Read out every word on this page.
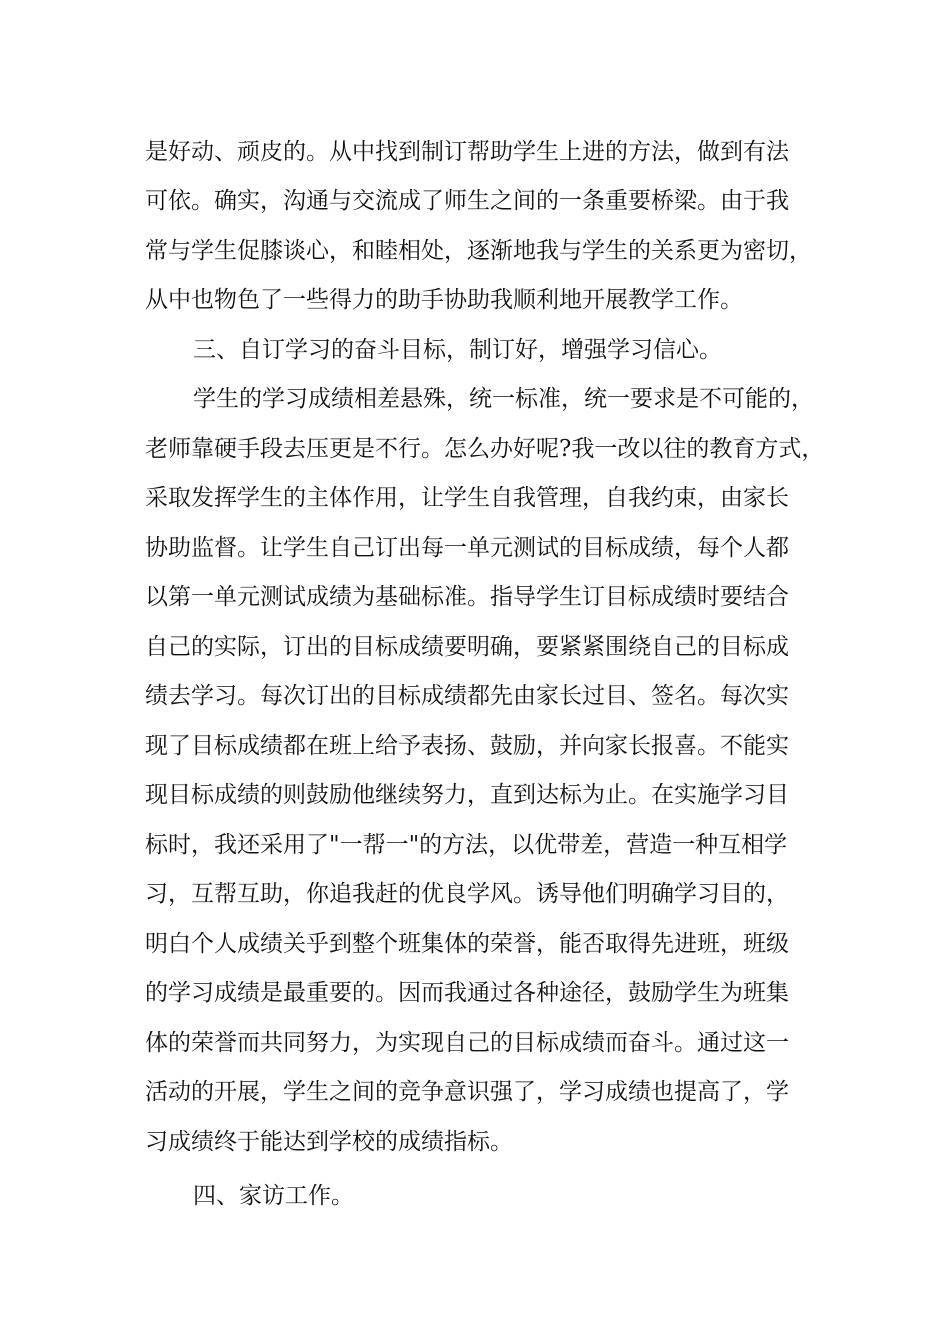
是好动、顽皮的。从中找到制订帮助学生上进的方法，做到有法
可依。确实，沟通与交流成了师生之间的一条重要桥梁。由于我
常与学生促膝谈心，和睦相处，逐渐地我与学生的关系更为密切，
从中也物色了一些得力的助手协助我顺利地开展教学工作。
三、自订学习的奋斗目标，制订好，增强学习信心。
学生的学习成绩相差悬殊，统一标准，统一要求是不可能的，
老师靠硬手段去压更是不行。怎么办好呢?我一改以往的教育方式，
采取发挥学生的主体作用，让学生自我管理，自我约束，由家长
协助监督。让学生自己订出每一单元测试的目标成绩，每个人都
以第一单元测试成绩为基础标准。指导学生订目标成绩时要结合
自己的实际，订出的目标成绩要明确，要紧紧围绕自己的目标成
绩去学习。每次订出的目标成绩都先由家长过目、签名。每次实
现了目标成绩都在班上给予表扬、鼓励，并向家长报喜。不能实
现目标成绩的则鼓励他继续努力，直到达标为止。在实施学习目
标时，我还采用了"一帮一"的方法，以优带差，营造一种互相学
习，互帮互助，你追我赶的优良学风。诱导他们明确学习目的，
明白个人成绩关乎到整个班集体的荣誉，能否取得先进班，班级
的学习成绩是最重要的。因而我通过各种途径，鼓励学生为班集
体的荣誉而共同努力，为实现自己的目标成绩而奋斗。通过这一
活动的开展，学生之间的竞争意识强了，学习成绩也提高了，学
习成绩终于能达到学校的成绩指标。
四、家访工作。
